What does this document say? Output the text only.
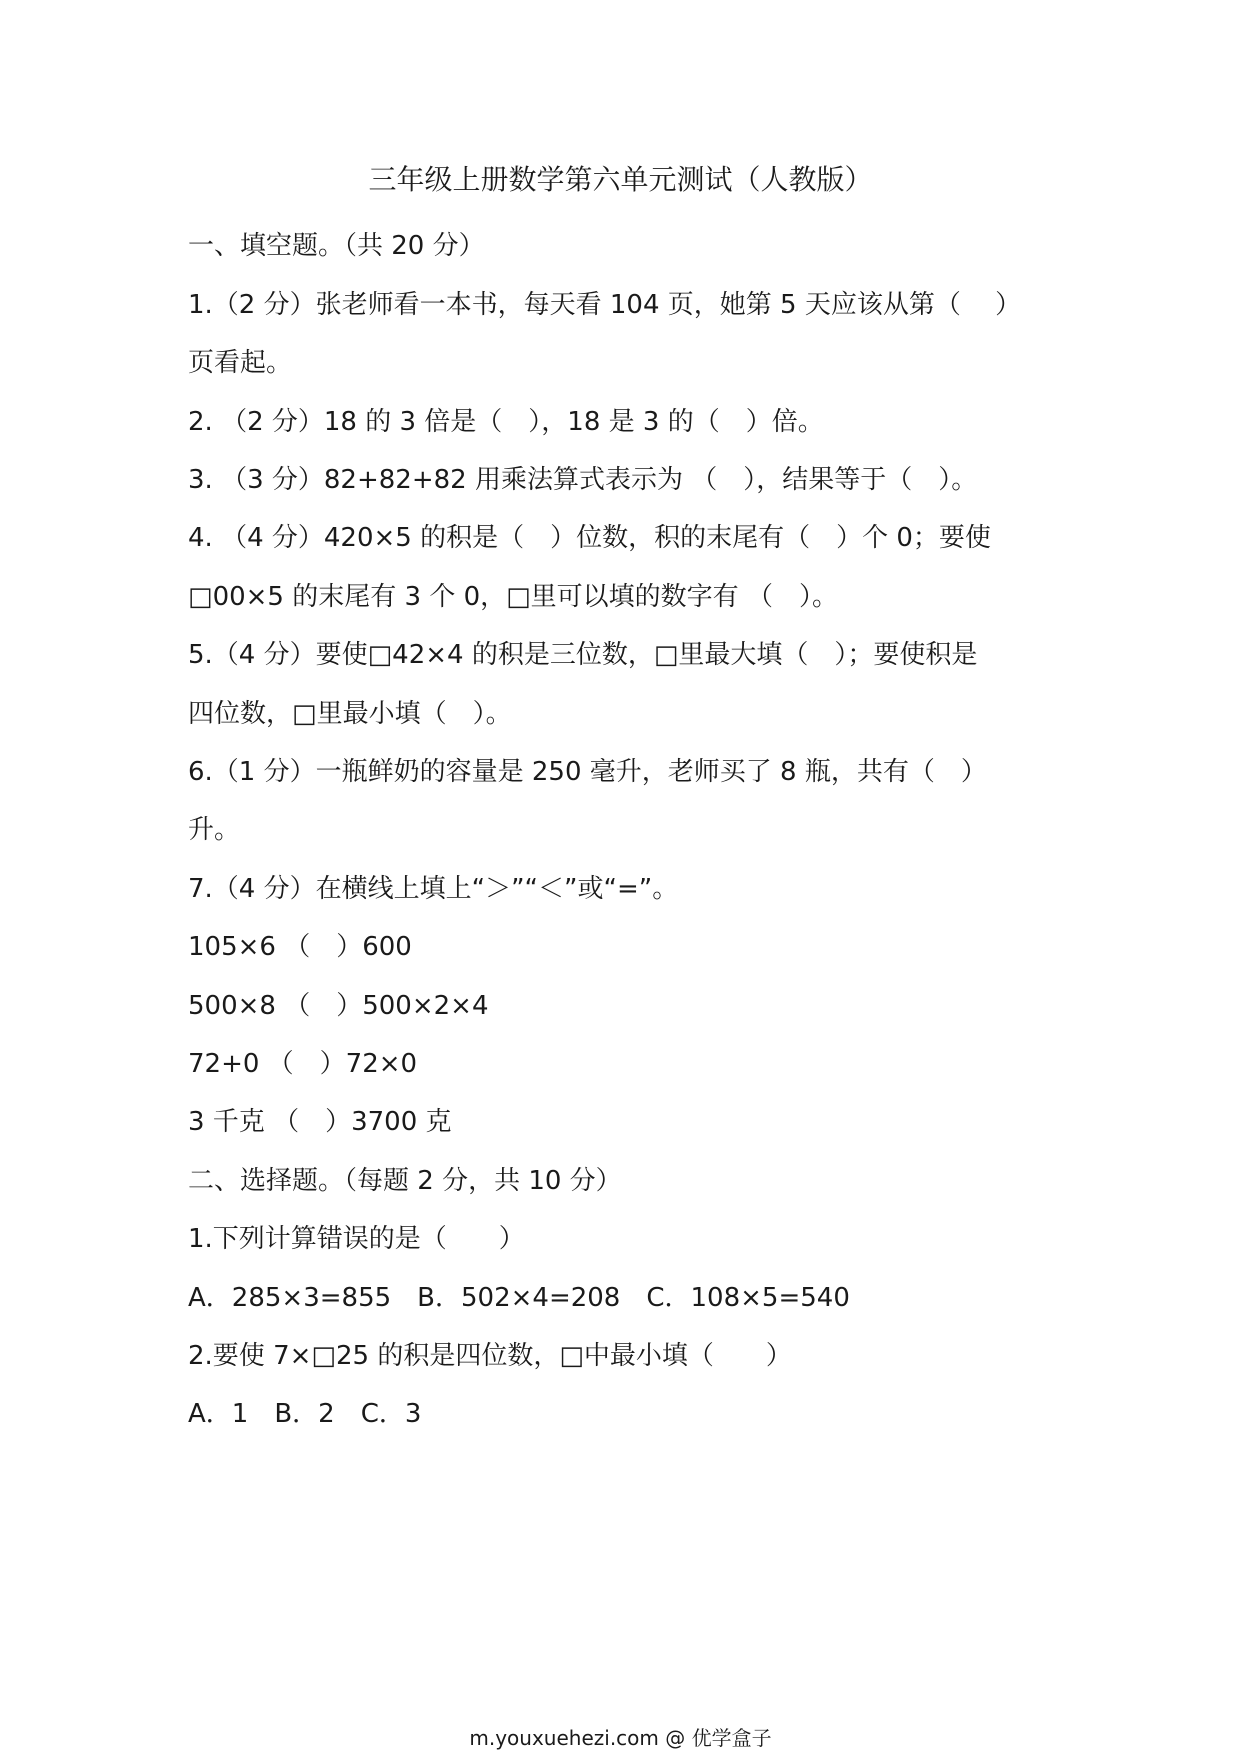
三年级上册数学第六单元测试（人教版）
一、填空题。（共 20 分）
1.（2 分）张老师看一本书，每天看 104 页，她第 5 天应该从第（　 ）
页看起。
2. （2 分）18 的 3 倍是（　），18 是 3 的（　）倍。
3. （3 分）82+82+82 用乘法算式表示为 （　），结果等于（　）。
4. （4 分）420×5 的积是（　）位数，积的末尾有（　）个 0；要使
□00×5 的末尾有 3 个 0，□里可以填的数字有 （　）。
5.（4 分）要使□42×4 的积是三位数，□里最大填（　）；要使积是
四位数，□里最小填（　）。
6.（1 分）一瓶鲜奶的容量是 250 毫升，老师买了 8 瓶，共有（　）
升。
7.（4 分）在横线上填上“＞”“＜”或“=”。
105×6 （　）600
500×8 （　）500×2×4
72+0 （　）72×0
3 千克 （　）3700 克
二、选择题。（每题 2 分，共 10 分）
1.下列计算错误的是（　　）
A．285×3=855　B．502×4=208　C．108×5=540
2.要使 7×□25 的积是四位数，□中最小填（　　）
A．1　B．2　C．3
m.youxuehezi.com @ 优学盒子
